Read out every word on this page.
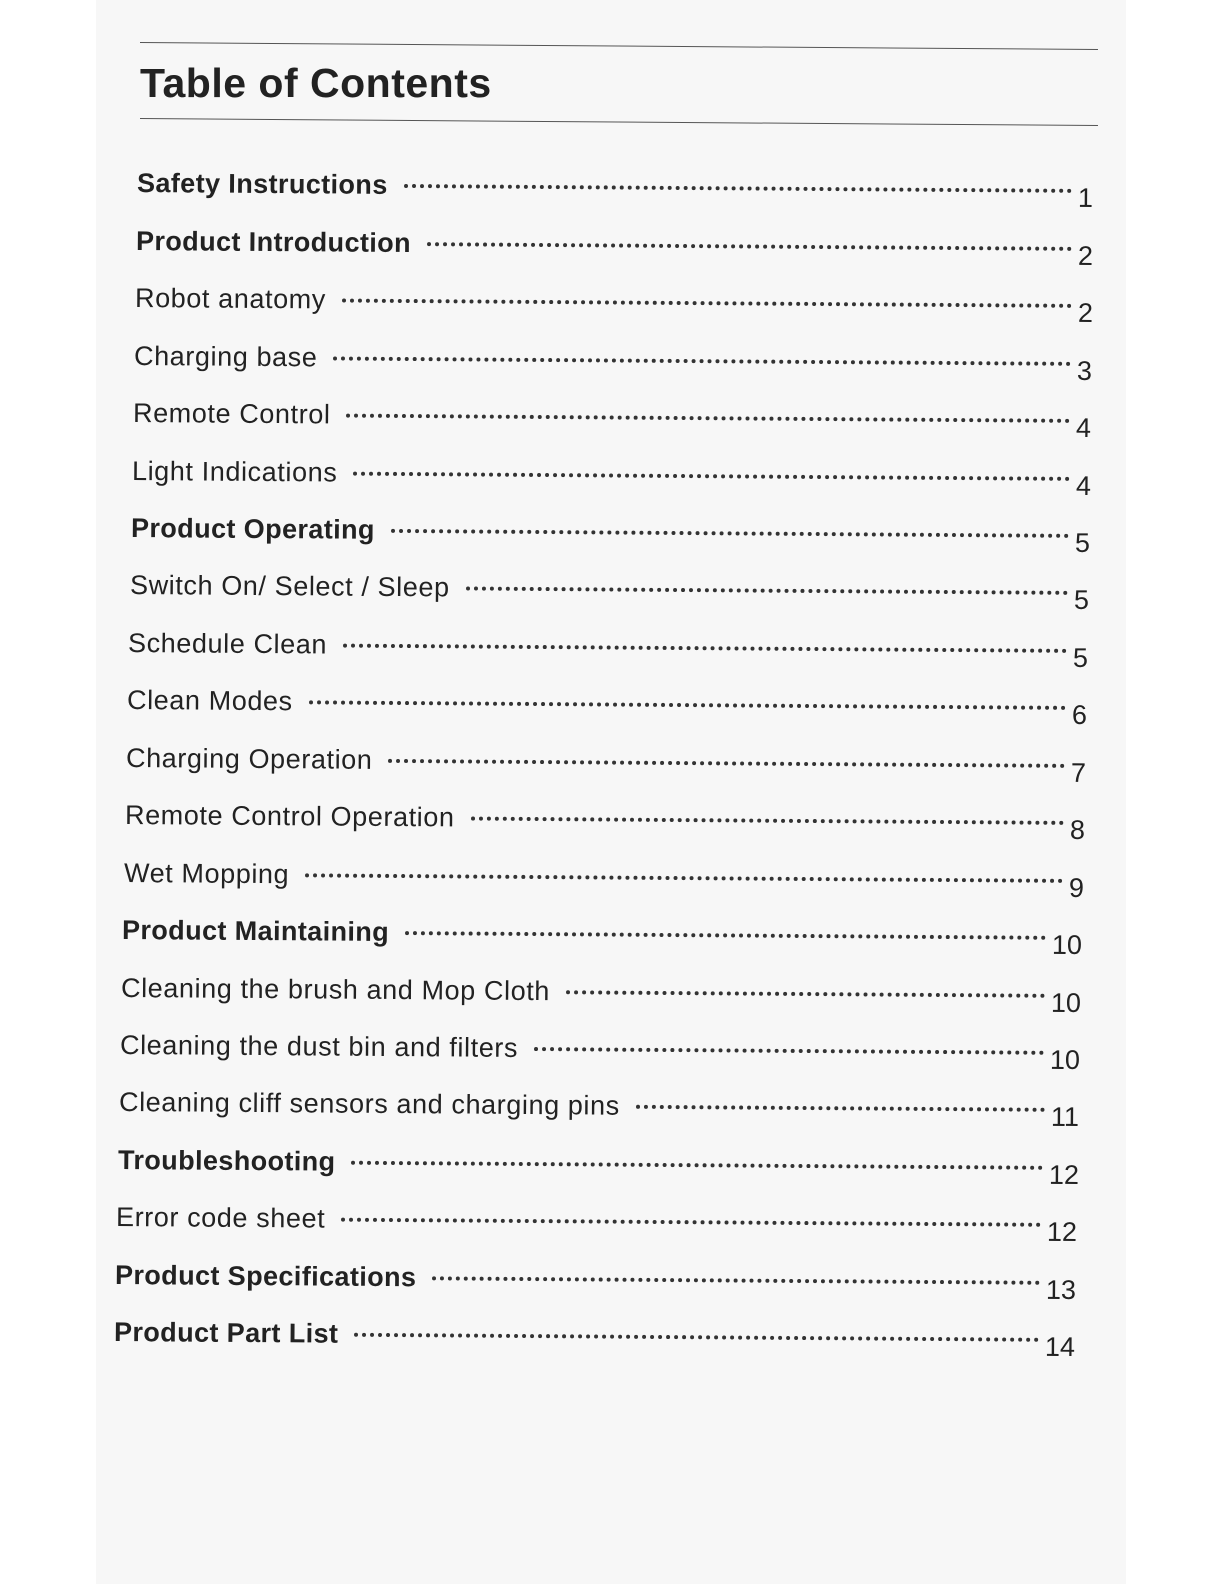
Table of Contents
Safety Instructions	1
Product Introduction	2
Robot anatomy	2
Charging base	3
Remote Control	4
Light Indications	4
Product Operating	5
Switch On/ Select / Sleep	5
Schedule Clean	5
Clean Modes	6
Charging Operation	7
Remote Control Operation	8
Wet Mopping	9
Product Maintaining	10
Cleaning the brush and Mop Cloth	10
Cleaning the dust bin and filters	10
Cleaning cliff sensors and charging pins	11
Troubleshooting	12
Error code sheet	12
Product Specifications	13
Product Part List	14
